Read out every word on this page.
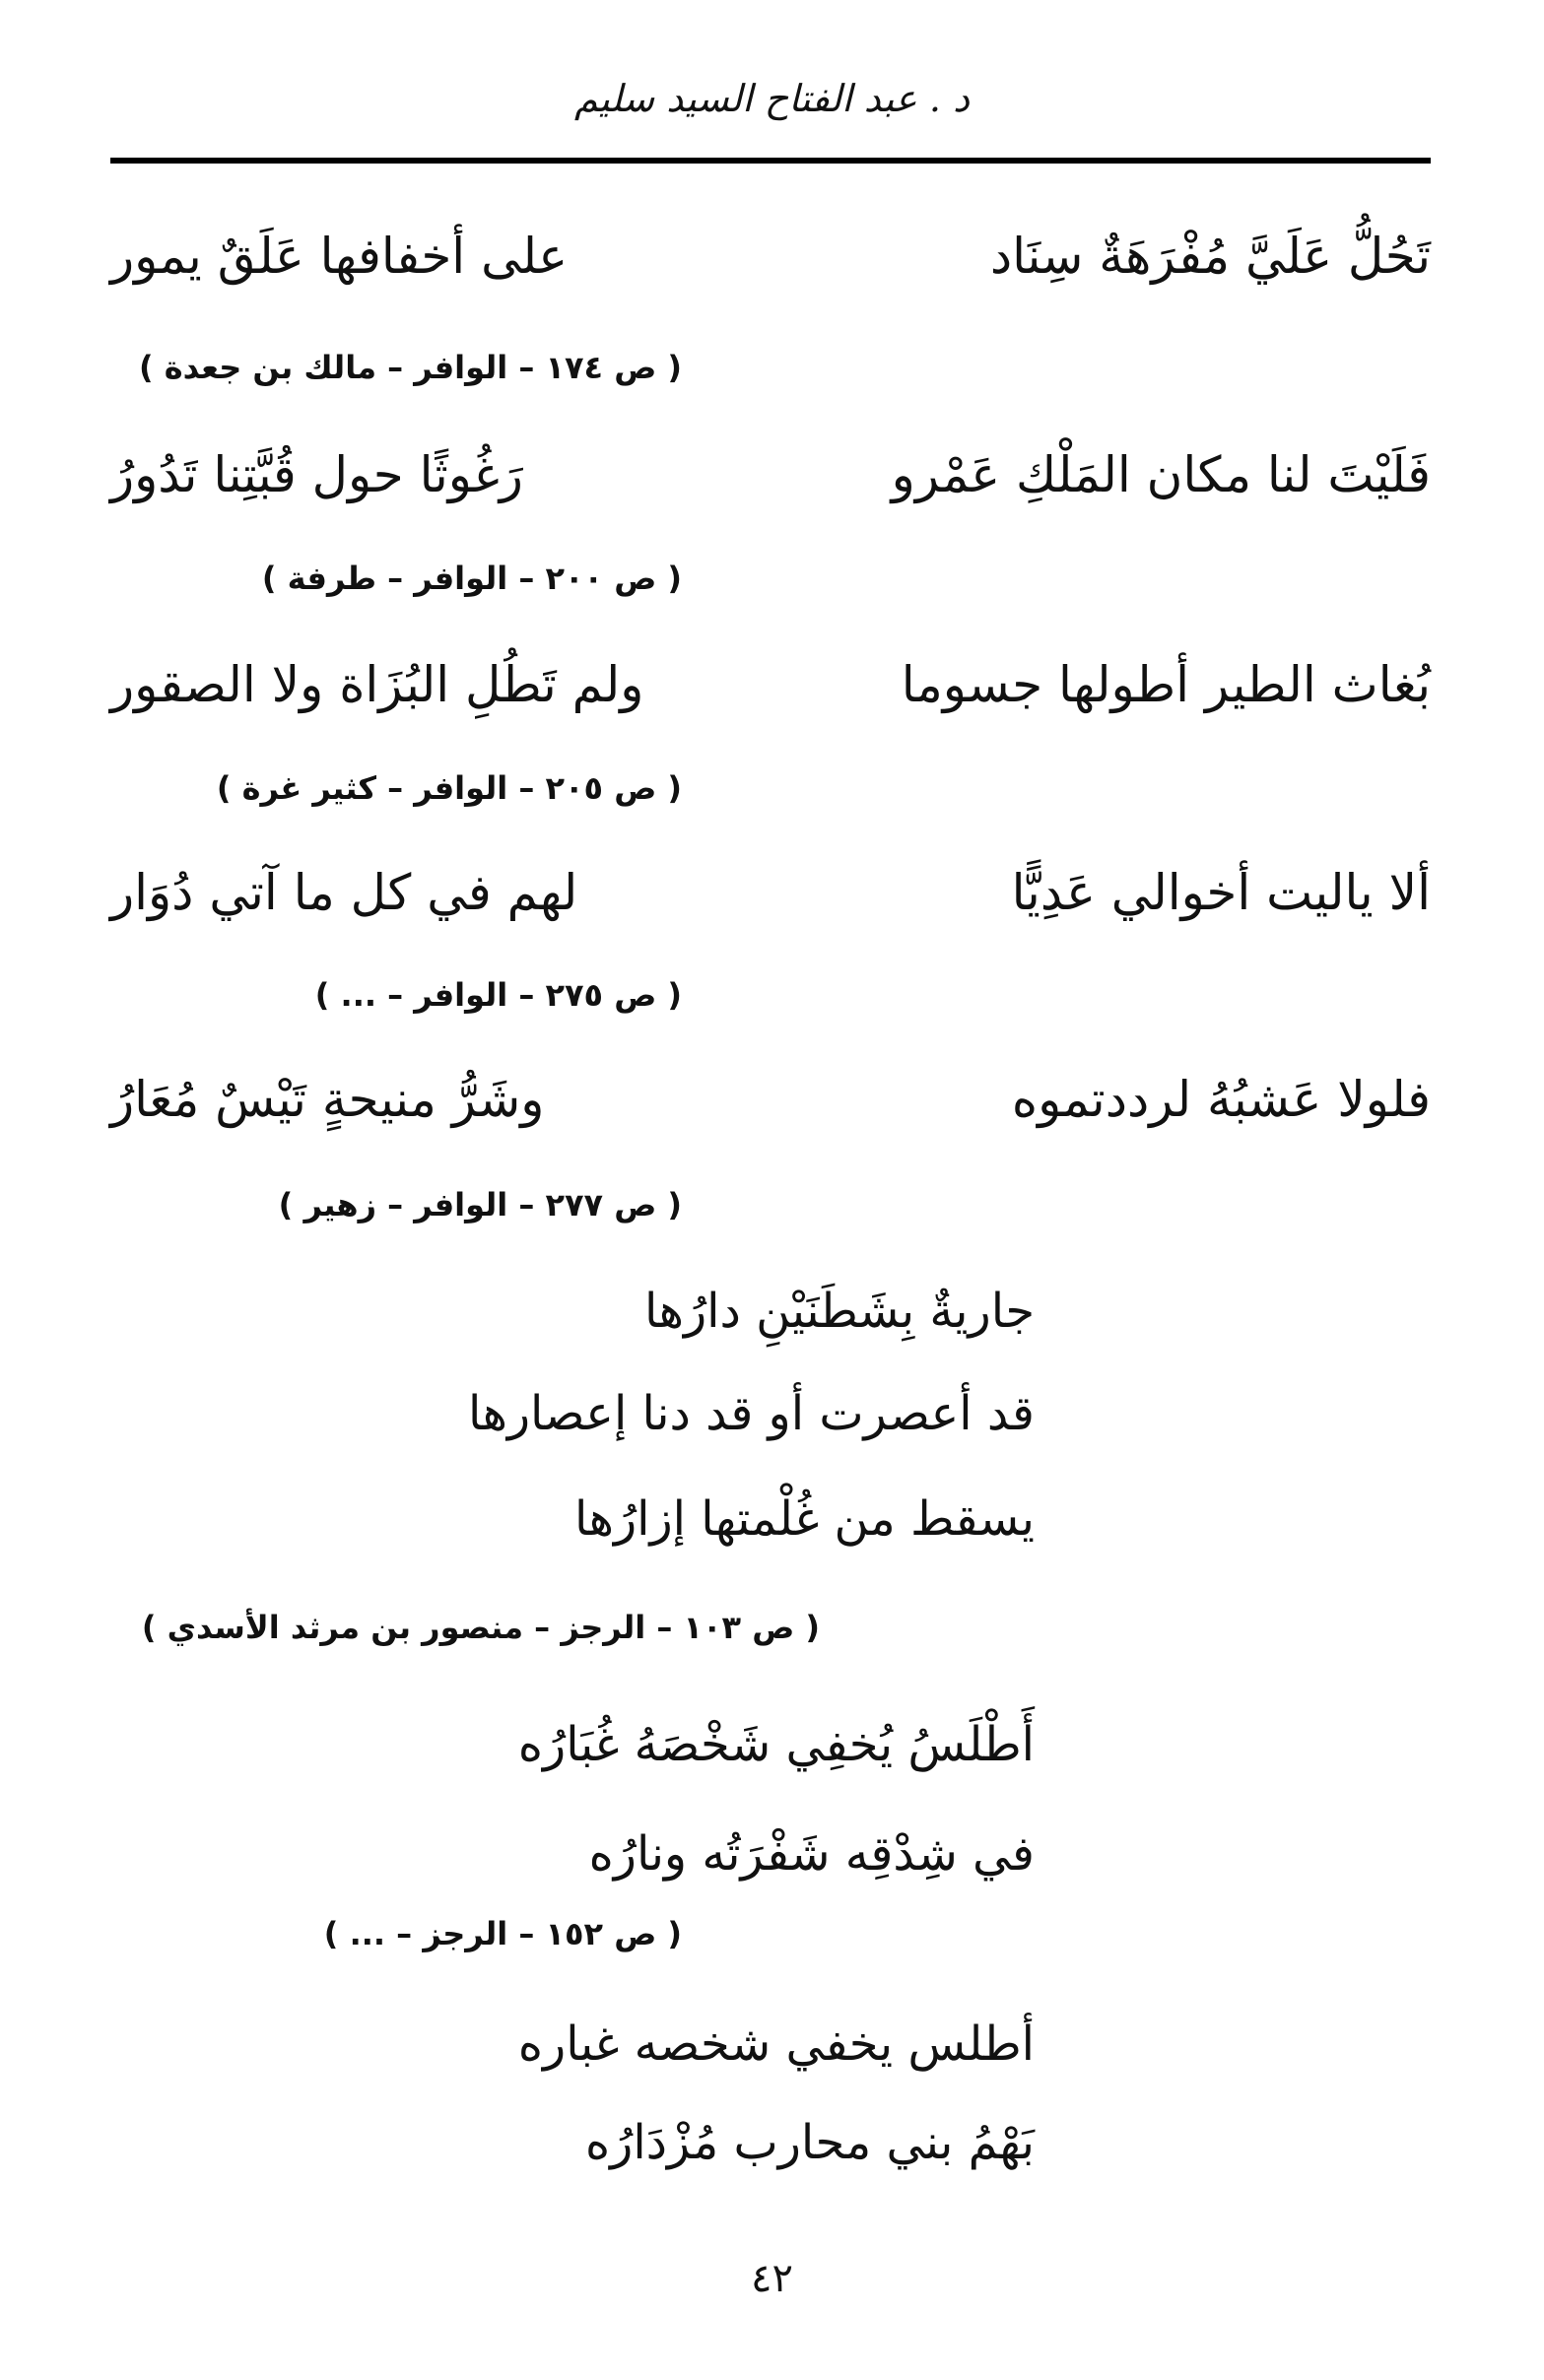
د . عبد الفتاح السيد سليم
تَحُلُّ عَلَيَّ مُفْرَهَةٌ سِنَاد
على أخفافها عَلَقٌ يمور
( ص ١٧٤ – الوافر – مالك بن جعدة )
فَلَيْتَ لنا مكان المَلْكِ عَمْرو
رَغُوثًا حول قُبَّتِنا تَدُورُ
( ص ٢٠٠ – الوافر – طرفة )
بُغاث الطير أطولها جسوما
ولم تَطُلِ البُزَاة ولا الصقور
( ص ٢٠٥ – الوافر – كثير غرة )
ألا ياليت أخوالي عَدِيًّا
لهم في كل ما آتي دُوَار
( ص ٢٧٥ – الوافر – ... )
فلولا عَشبُهُ لرددتموه
وشَرُّ منيحةٍ تَيْسٌ مُعَارُ
( ص ٢٧٧ – الوافر – زهير )
جاريةٌ بِشَطَنَيْنِ دارُها
قد أعصرت أو قد دنا إعصارها
يسقط من غُلْمتها إزارُها
( ص ١٠٣ – الرجز – منصور بن مرثد الأسدي )
أَطْلَسُ يُخفِي شَخْصَهُ غُبَارُه
في شِدْقِه شَفْرَتُه ونارُه
( ص ١٥٢ – الرجز – ... )
أطلس يخفي شخصه غباره
بَهْمُ بني محارب مُزْدَارُه
٤٢
